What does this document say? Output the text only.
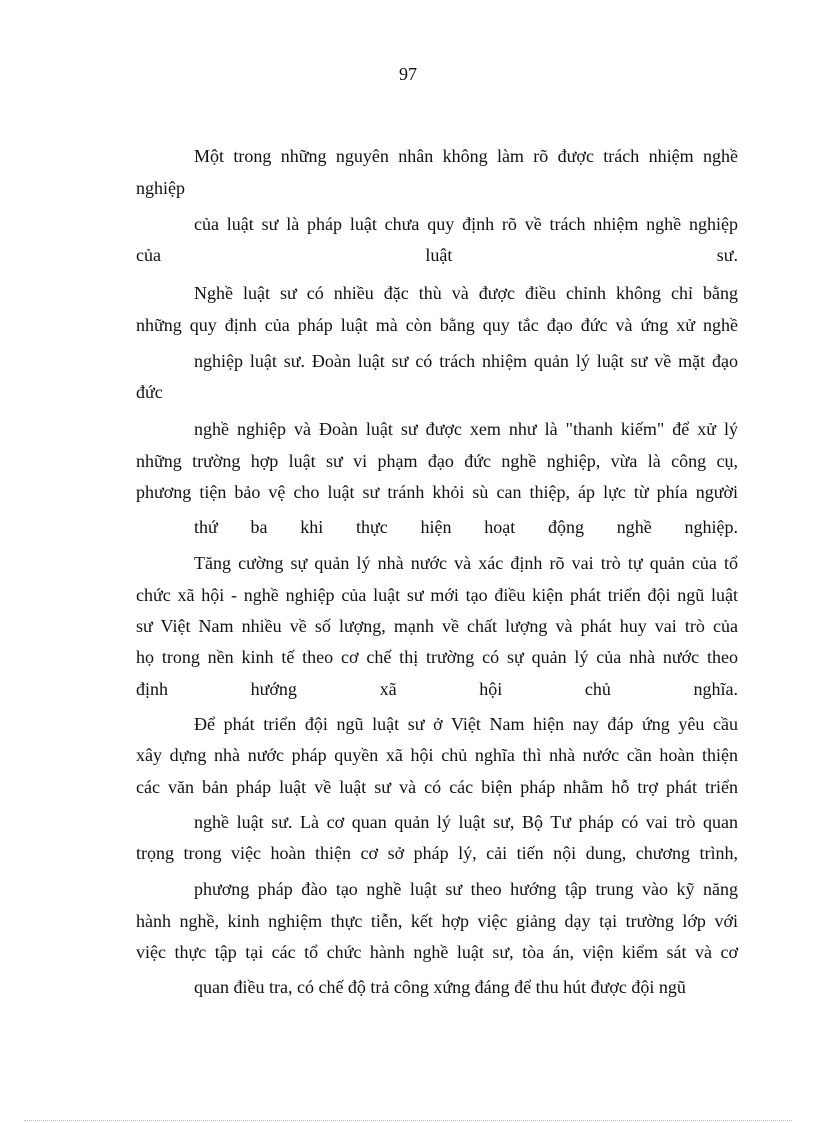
97
Một trong những nguyên nhân không làm rõ được trách nhiệm nghề
nghiệp
của luật sư là pháp luật chưa quy định rõ về trách nhiệm nghề nghiệp
của luật sư.
Nghề luật sư có nhiều đặc thù và được điều chỉnh không chỉ bằng
những quy định của pháp luật mà còn bằng quy tắc đạo đức và ứng xử nghề
nghiệp luật sư. Đoàn luật sư có trách nhiệm quản lý luật sư về mặt đạo
đức
nghề nghiệp và Đoàn luật sư được xem như là "thanh kiếm" để xử lý
những trường hợp luật sư vi phạm đạo đức nghề nghiệp, vừa là công cụ,
phương tiện bảo vệ cho luật sư tránh khỏi sù can thiệp, áp lực từ phía người
thứ ba khi thực hiện hoạt động nghề nghiệp.
Tăng cường sự quản lý nhà nước và xác định rõ vai trò tự quản của tổ
chức xã hội - nghề nghiệp của luật sư mới tạo điều kiện phát triển đội ngũ luật
sư Việt Nam nhiều về số lượng, mạnh về chất lượng và phát huy vai trò của
họ trong nền kinh tế theo cơ chế thị trường có sự quản lý của nhà nước theo
định hướng xã hội chủ nghĩa.
Để phát triển đội ngũ luật sư ở Việt Nam hiện nay đáp ứng yêu cầu
xây dựng nhà nước pháp quyền xã hội chủ nghĩa thì nhà nước cần hoàn thiện
các văn bản pháp luật về luật sư và có các biện pháp nhằm hỗ trợ phát triển
nghề luật sư. Là cơ quan quản lý luật sư, Bộ Tư pháp có vai trò quan
trọng trong việc hoàn thiện cơ sở pháp lý, cải tiến nội dung, chương trình,
phương pháp đào tạo nghề luật sư theo hướng tập trung vào kỹ năng
hành nghề, kinh nghiệm thực tiễn, kết hợp việc giảng dạy tại trường lớp với
việc thực tập tại các tổ chức hành nghề luật sư, tòa án, viện kiểm sát và cơ
quan điều tra, có chế độ trả công xứng đáng để thu hút được đội ngũ
